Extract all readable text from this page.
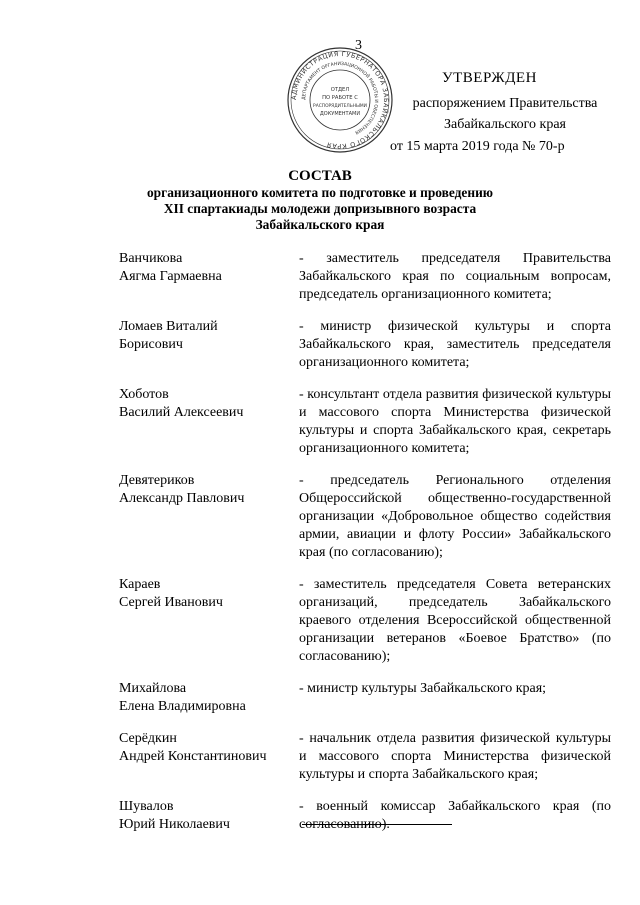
3
АДМИНИСТРАЦИЯ ГУБЕРНАТОРА ЗАБАЙКАЛЬСКОГО КРАЯ
ДЕПАРТАМЕНТ ОРГАНИЗАЦИОННОЙ РАБОТЫ И ОБЕСПЕЧЕНИЯ
ОТДЕЛ
ПО РАБОТЕ С
РАСПОРЯДИТЕЛЬНЫМИ
ДОКУМЕНТАМИ
УТВЕРЖДЕН
распоряжением Правительства
Забайкальского края
от 15 марта 2019 года № 70-р
СОСТАВ
организационного комитета по подготовке и проведению
XII спартакиады молодежи допризывного возраста
Забайкальского края
Ванчикова
Аягма Гармаевна
- заместитель председателя Правительства Забайкальского края по социальным вопросам, председатель организационного комитета;
Ломаев Виталий
Борисович
- министр физической культуры и спорта Забайкальского края, заместитель председателя организационного комитета;
Хоботов
Василий Алексеевич
- консультант отдела развития физической культуры и массового спорта Министерства физической культуры и спорта Забайкальского края, секретарь организационного комитета;
Девятериков
Александр Павлович
- председатель Регионального отделения Общероссийской общественно-государственной организации «Добровольное общество содействия армии, авиации и флоту России» Забайкальского края (по согласованию);
Караев
Сергей Иванович
- заместитель председателя Совета ветеранских организаций, председатель Забайкальского краевого отделения Всероссийской общественной организации ветеранов «Боевое Братство» (по согласованию);
Михайлова
Елена Владимировна
- министр культуры Забайкальского края;
Серёдкин
Андрей Константинович
- начальник отдела развития физической культуры и массового спорта Министерства физической культуры и спорта Забайкальского края;
Шувалов
Юрий Николаевич
- военный комиссар Забайкальского края (по согласованию).
